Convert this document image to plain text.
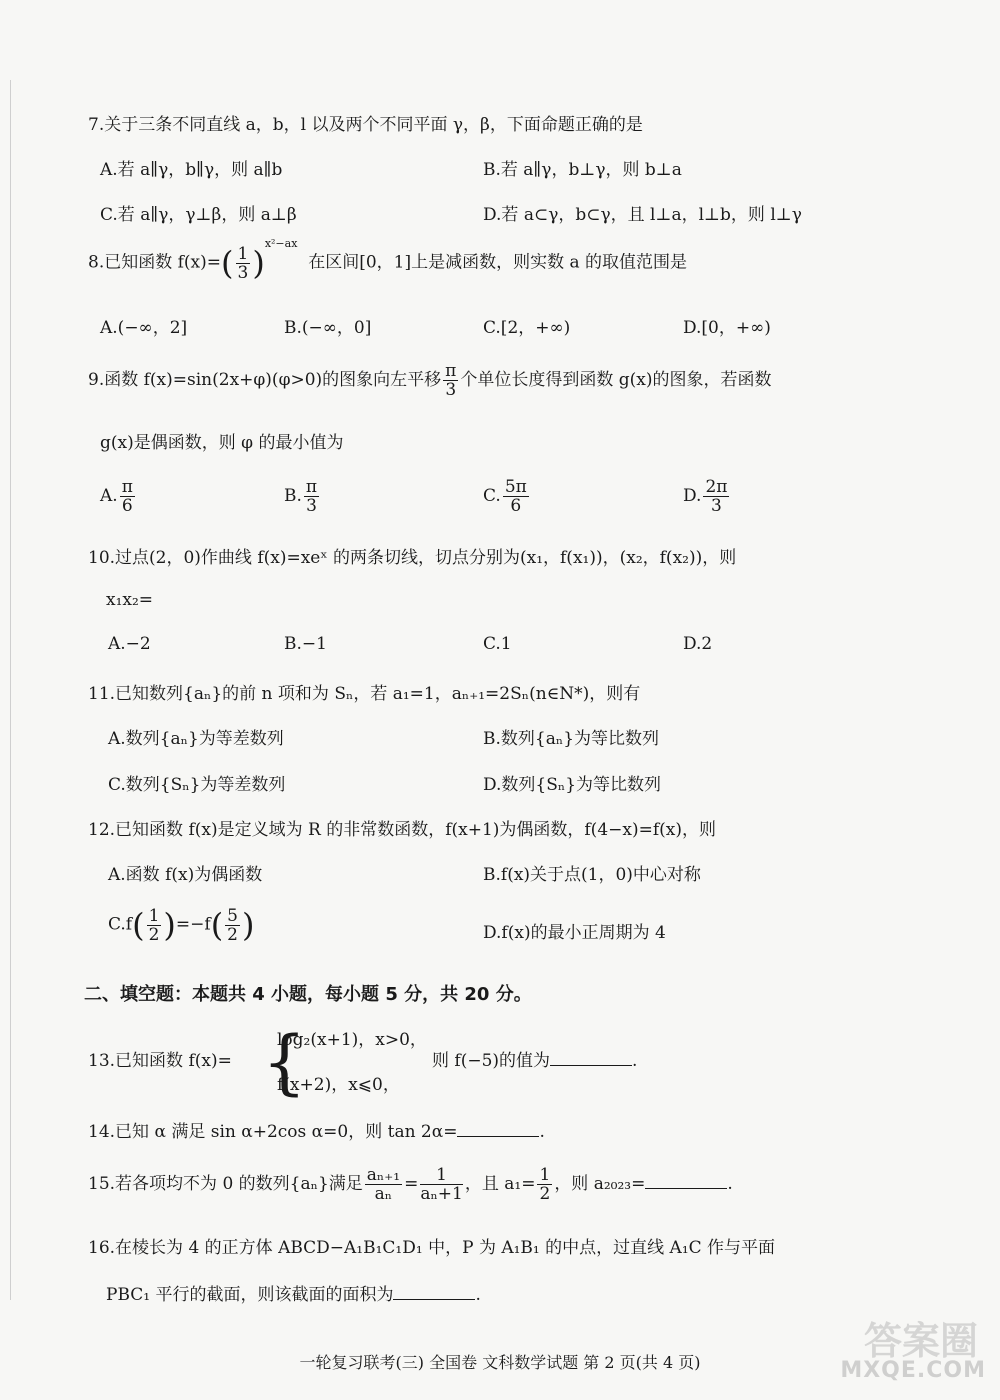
7.关于三条不同直线 a，b，l 以及两个不同平面 γ，β，下面命题正确的是
A.若 a∥γ，b∥γ，则 a∥b	B.若 a∥γ，b⊥γ，则 b⊥a
C.若 a∥γ，γ⊥β，则 a⊥β	D.若 a⊂γ，b⊂γ，且 l⊥a，l⊥b，则 l⊥γ
8.已知函数 $f(x)=( \frac{1}{3} )^{x^2-ax}$  在区间[0，1]上是减函数，则实数 a 的取值范围是
A.(−∞，2]	B.(−∞，0]	C.[2，+∞)	D.[0，+∞)
9.函数 f(x)=sin(2x+φ)(φ>0)的图象向左平移 $\frac{\pi}{3}$ 个单位长度得到函数 g(x)的图象，若函数
g(x)是偶函数，则 φ 的最小值为
A. $\frac{\pi}{6}$	B. $\frac{\pi}{3}$	C. $\frac{5\pi}{6}$	D. $\frac{2\pi}{3}$
10.过点(2，0)作曲线 f(x)=xeˣ 的两条切线，切点分别为(x₁，f(x₁))，(x₂，f(x₂))，则
x₁x₂=
A.−2	B.−1	C.1	D.2
11.已知数列{aₙ}的前 n 项和为 Sₙ，若 a₁=1，aₙ₊₁=2Sₙ(n∈N*)，则有
A.数列{aₙ}为等差数列	B.数列{aₙ}为等比数列
C.数列{Sₙ}为等差数列	D.数列{Sₙ}为等比数列
12.已知函数 f(x)是定义域为 R 的非常数函数，f(x+1)为偶函数，f(4−x)=f(x)，则
A.函数 f(x)为偶函数	B.f(x)关于点(1，0)中心对称
$C.f( \frac{1}{2} )=-f( \frac{5}{2}$ )	D.f(x)的最小正周期为 4
二、填空题：本题共 4 小题，每小题 5 分，共 20 分。
13.已知函数 f(x)= {
log₂(x+1)，x>0，
f(x+2)，x⩽0，
则 f(−5)的值为	.
14.已知 α 满足 sin α+2cos α=0，则 tan 2α=	.
15.若各项均不为 0 的数列{aₙ}满足 $\frac{\text{aₙ₊₁}}{\text{aₙ}} = \frac{1}{\text{aₙ+1}}$ ，且 $a_1= \frac{1}{2}$ ，则 a₂₀₂₃=	.
16.在棱长为 4 的正方体 ABCD−A₁B₁C₁D₁ 中，P 为 A₁B₁ 的中点，过直线 A₁C 作与平面
PBC₁ 平行的截面，则该截面的面积为	.
一轮复习联考(三) 全国卷 文科数学试题 第 2 页(共 4 页)	答案圈
MXQE.COM
